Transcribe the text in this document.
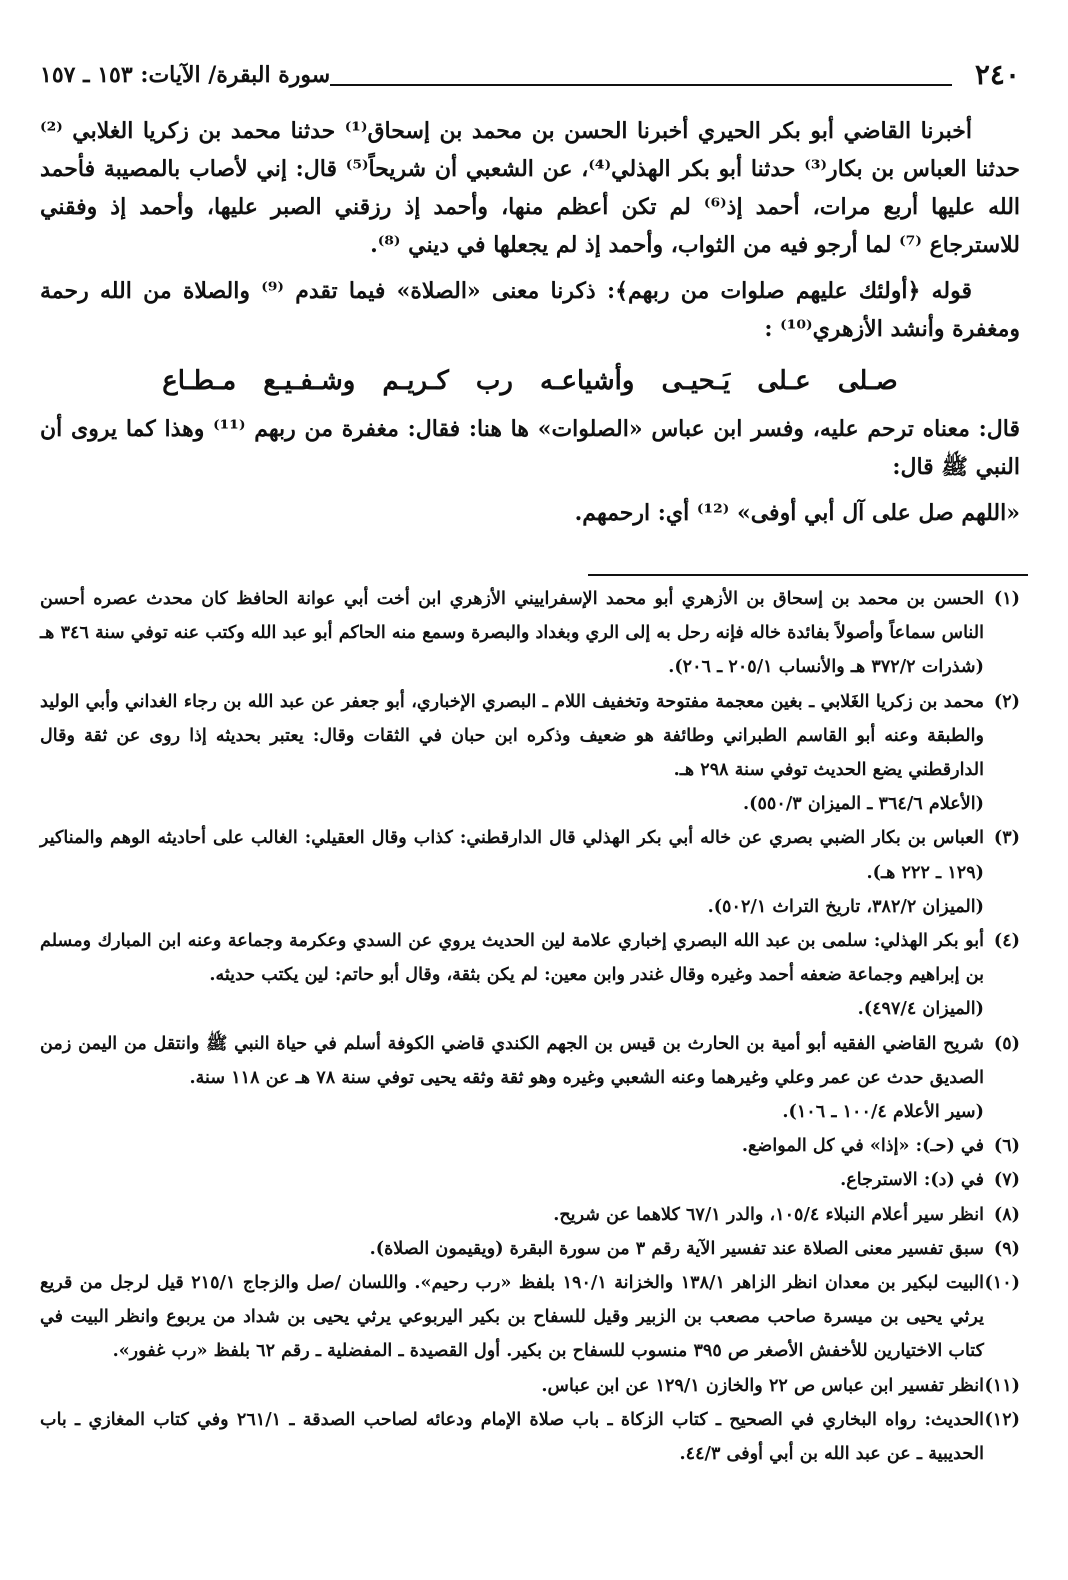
٢٤٠
سورة البقرة/ الآيات: ١٥٣ ـ ١٥٧

أخبرنا القاضي أبو بكر الحيري أخبرنا الحسن بن محمد بن إسحاق⁽¹⁾ حدثنا محمد بن زكريا الغلابي ⁽²⁾ حدثنا العباس بن بكار⁽³⁾ حدثنا أبو بكر الهذلي⁽⁴⁾، عن الشعبي أن شريحاً⁽⁵⁾ قال: إني لأصاب بالمصيبة فأحمد الله عليها أربع مرات، أحمد إذ⁽⁶⁾ لم تكن أعظم منها، وأحمد إذ رزقني الصبر عليها، وأحمد إذ وفقني للاسترجاع ⁽⁷⁾ لما أرجو فيه من الثواب، وأحمد إذ لم يجعلها في ديني ⁽⁸⁾.

قوله ﴿أولئك عليهم صلوات من ربهم﴾: ذكرنا معنى «الصلاة» فيما تقدم ⁽⁹⁾ والصلاة من الله رحمة ومغفرة وأنشد الأزهري⁽¹⁰⁾ :

صـلى عـلى يَـحيـى وأشياعـه رب كـريـم وشـفـيـع مـطـاع

قال: معناه ترحم عليه، وفسر ابن عباس «الصلوات» ها هنا: فقال: مغفرة من ربهم ⁽¹¹⁾ وهذا كما يروى أن النبي ﷺ قال:

«اللهم صل على آل أبي أوفى» ⁽¹²⁾ أي: ارحمهم.

(١)
الحسن بن محمد بن إسحاق بن الأزهري أبو محمد الإسفراييني الأزهري ابن أخت أبي عوانة الحافظ كان محدث عصره أحسن الناس سماعاً وأصولاً بفائدة خاله فإنه رحل به إلى الري وبغداد والبصرة وسمع منه الحاكم أبو عبد الله وكتب عنه توفي سنة ٣٤٦ هـ (شذرات ٣٧٢/٢ هـ والأنساب ٢٠٥/١ ـ ٢٠٦).
(٢)
محمد بن زكريا الغَلابي ـ بغين معجمة مفتوحة وتخفيف اللام ـ البصري الإخباري، أبو جعفر عن عبد الله بن رجاء الغداني وأبي الوليد والطبقة وعنه أبو القاسم الطبراني وطائفة هو ضعيف وذكره ابن حبان في الثقات وقال: يعتبر بحديثه إذا روى عن ثقة وقال الدارقطني يضع الحديث توفي سنة ٢٩٨ هـ.
(الأعلام ٣٦٤/٦ ـ الميزان ٥٥٠/٣).
(٣)
العباس بن بكار الضبي بصري عن خاله أبي بكر الهذلي قال الدارقطني: كذاب وقال العقيلي: الغالب على أحاديثه الوهم والمناكير (١٢٩ ـ ٢٢٢ هـ).
(الميزان ٣٨٢/٢، تاريخ التراث ٥٠٢/١).
(٤)
أبو بكر الهذلي: سلمى بن عبد الله البصري إخباري علامة لين الحديث يروي عن السدي وعكرمة وجماعة وعنه ابن المبارك ومسلم بن إبراهيم وجماعة ضعفه أحمد وغيره وقال غندر وابن معين: لم يكن بثقة، وقال أبو حاتم: لين يكتب حديثه.
(الميزان ٤٩٧/٤).
(٥)
شريح القاضي الفقيه أبو أمية بن الحارث بن قيس بن الجهم الكندي قاضي الكوفة أسلم في حياة النبي ﷺ وانتقل من اليمن زمن الصديق حدث عن عمر وعلي وغيرهما وعنه الشعبي وغيره وهو ثقة وثقه يحيى توفي سنة ٧٨ هـ عن ١١٨ سنة.
(سير الأعلام ١٠٠/٤ ـ ١٠٦).
(٦)
في (حـ): «إذا» في كل المواضع.
(٧)
في (د): الاسترجاع.
(٨)
انظر سير أعلام النبلاء ١٠٥/٤، والدر ٦٧/١ كلاهما عن شريح.
(٩)
سبق تفسير معنى الصلاة عند تفسير الآية رقم ٣ من سورة البقرة (ويقيمون الصلاة).
(١٠)
البيت لبكير بن معدان انظر الزاهر ١٣٨/١ والخزانة ١٩٠/١ بلفظ «رب رحيم». واللسان /صل والزجاج ٢١٥/١ قيل لرجل من قريع يرثي يحيى بن ميسرة صاحب مصعب بن الزبير وقيل للسفاح بن بكير اليربوعي يرثي يحيى بن شداد من يربوع وانظر البيت في كتاب الاختيارين للأخفش الأصغر ص ٣٩٥ منسوب للسفاح بن بكير. أول القصيدة ـ المفضلية ـ رقم ٦٢ بلفظ «رب غفور».
(١١)
انظر تفسير ابن عباس ص ٢٢ والخازن ١٢٩/١ عن ابن عباس.
(١٢)
الحديث: رواه البخاري في الصحيح ـ كتاب الزكاة ـ باب صلاة الإمام ودعائه لصاحب الصدقة ـ ٢٦١/١ وفي كتاب المغازي ـ باب الحديبية ـ عن عبد الله بن أبي أوفى ٤٤/٣.
